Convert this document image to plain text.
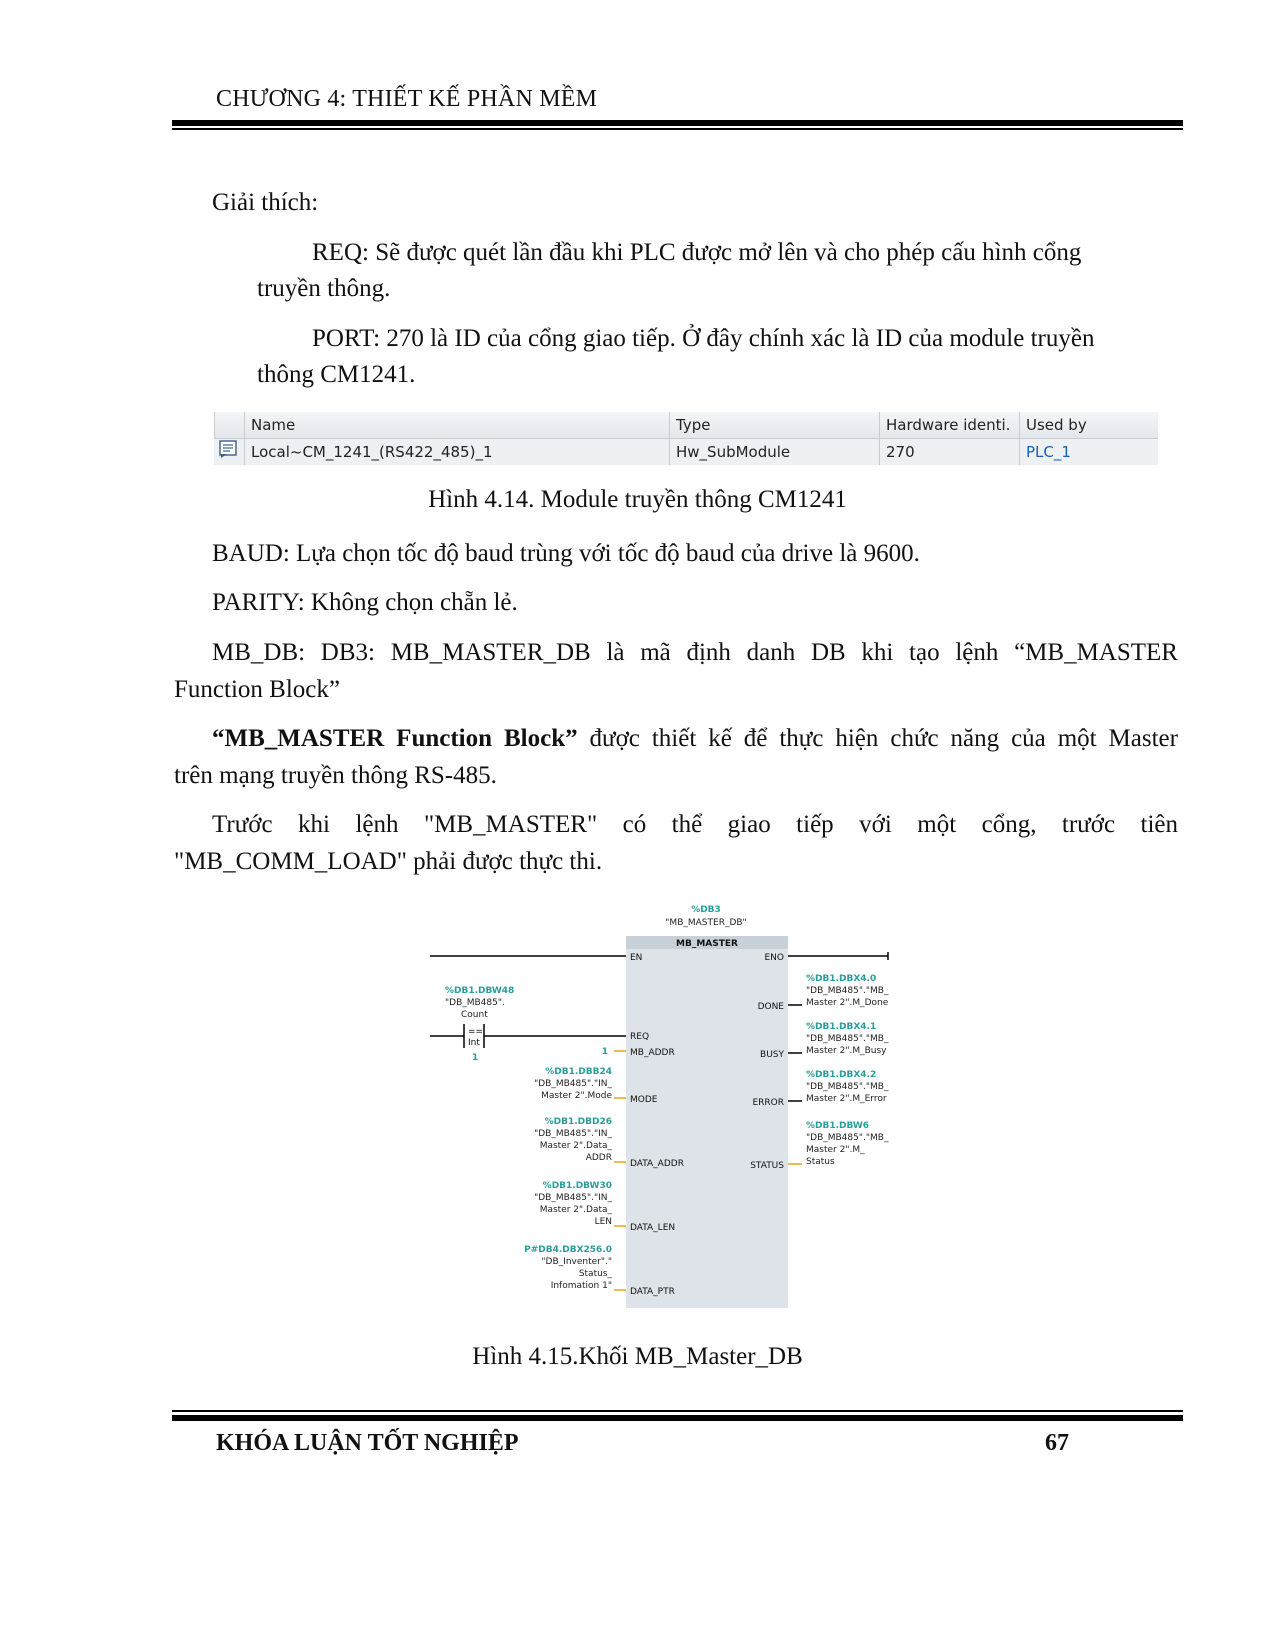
CHƯƠNG 4: THIẾT KẾ PHẦN MỀM
Giải thích:
REQ: Sẽ được quét lần đầu khi PLC được mở lên và cho phép cấu hình cổng
truyền thông.
PORT: 270 là ID của cổng giao tiếp. Ở đây chính xác là ID của module truyền
thông CM1241.
Name	Type	Hardware identi.	Used by
Local~CM_1241_(RS422_485)_1	Hw_SubModule	270	PLC_1
Hình 4.14. Module truyền thông CM1241
BAUD: Lựa chọn tốc độ baud trùng với tốc độ baud của drive là 9600.
PARITY: Không chọn chẵn lẻ.
MB_DB: DB3: MB_MASTER_DB là mã định danh DB khi tạo lệnh “MB_MASTER
Function Block”
“MB_MASTER Function Block” được thiết kế để thực hiện chức năng của một Master
trên mạng truyền thông RS-485.
Trước khi lệnh "MB_MASTER" có thể giao tiếp với một cổng, trước tiên
"MB_COMM_LOAD" phải được thực thi.
%DB3
"MB_MASTER_DB"
MB_MASTER
EN	ENO
%DB1.DBW48
"DB_MB485".
Count
==
Int
1
REQ
1 MB_ADDR
%DB1.DBB24
"DB_MB485"."IN_
Master 2".Mode MODE
%DB1.DBD26
"DB_MB485"."IN_
Master 2".Data_
ADDR
DATA_ADDR
%DB1.DBW30
"DB_MB485"."IN_
Master 2".Data_
LEN
DATA_LEN
P#DB4.DBX256.0
"DB_Inventer"."
Status_
Infomation 1"
DATA_PTR
DONE
%DB1.DBX4.0
"DB_MB485"."MB_
Master 2".M_Done
BUSY
%DB1.DBX4.1
"DB_MB485"."MB_
Master 2".M_Busy
ERROR
%DB1.DBX4.2
"DB_MB485"."MB_
Master 2".M_Error
STATUS
%DB1.DBW6
"DB_MB485"."MB_
Master 2".M_
Status
Hình 4.15.Khối MB_Master_DB
KHÓA LUẬN TỐT NGHIỆP	67
